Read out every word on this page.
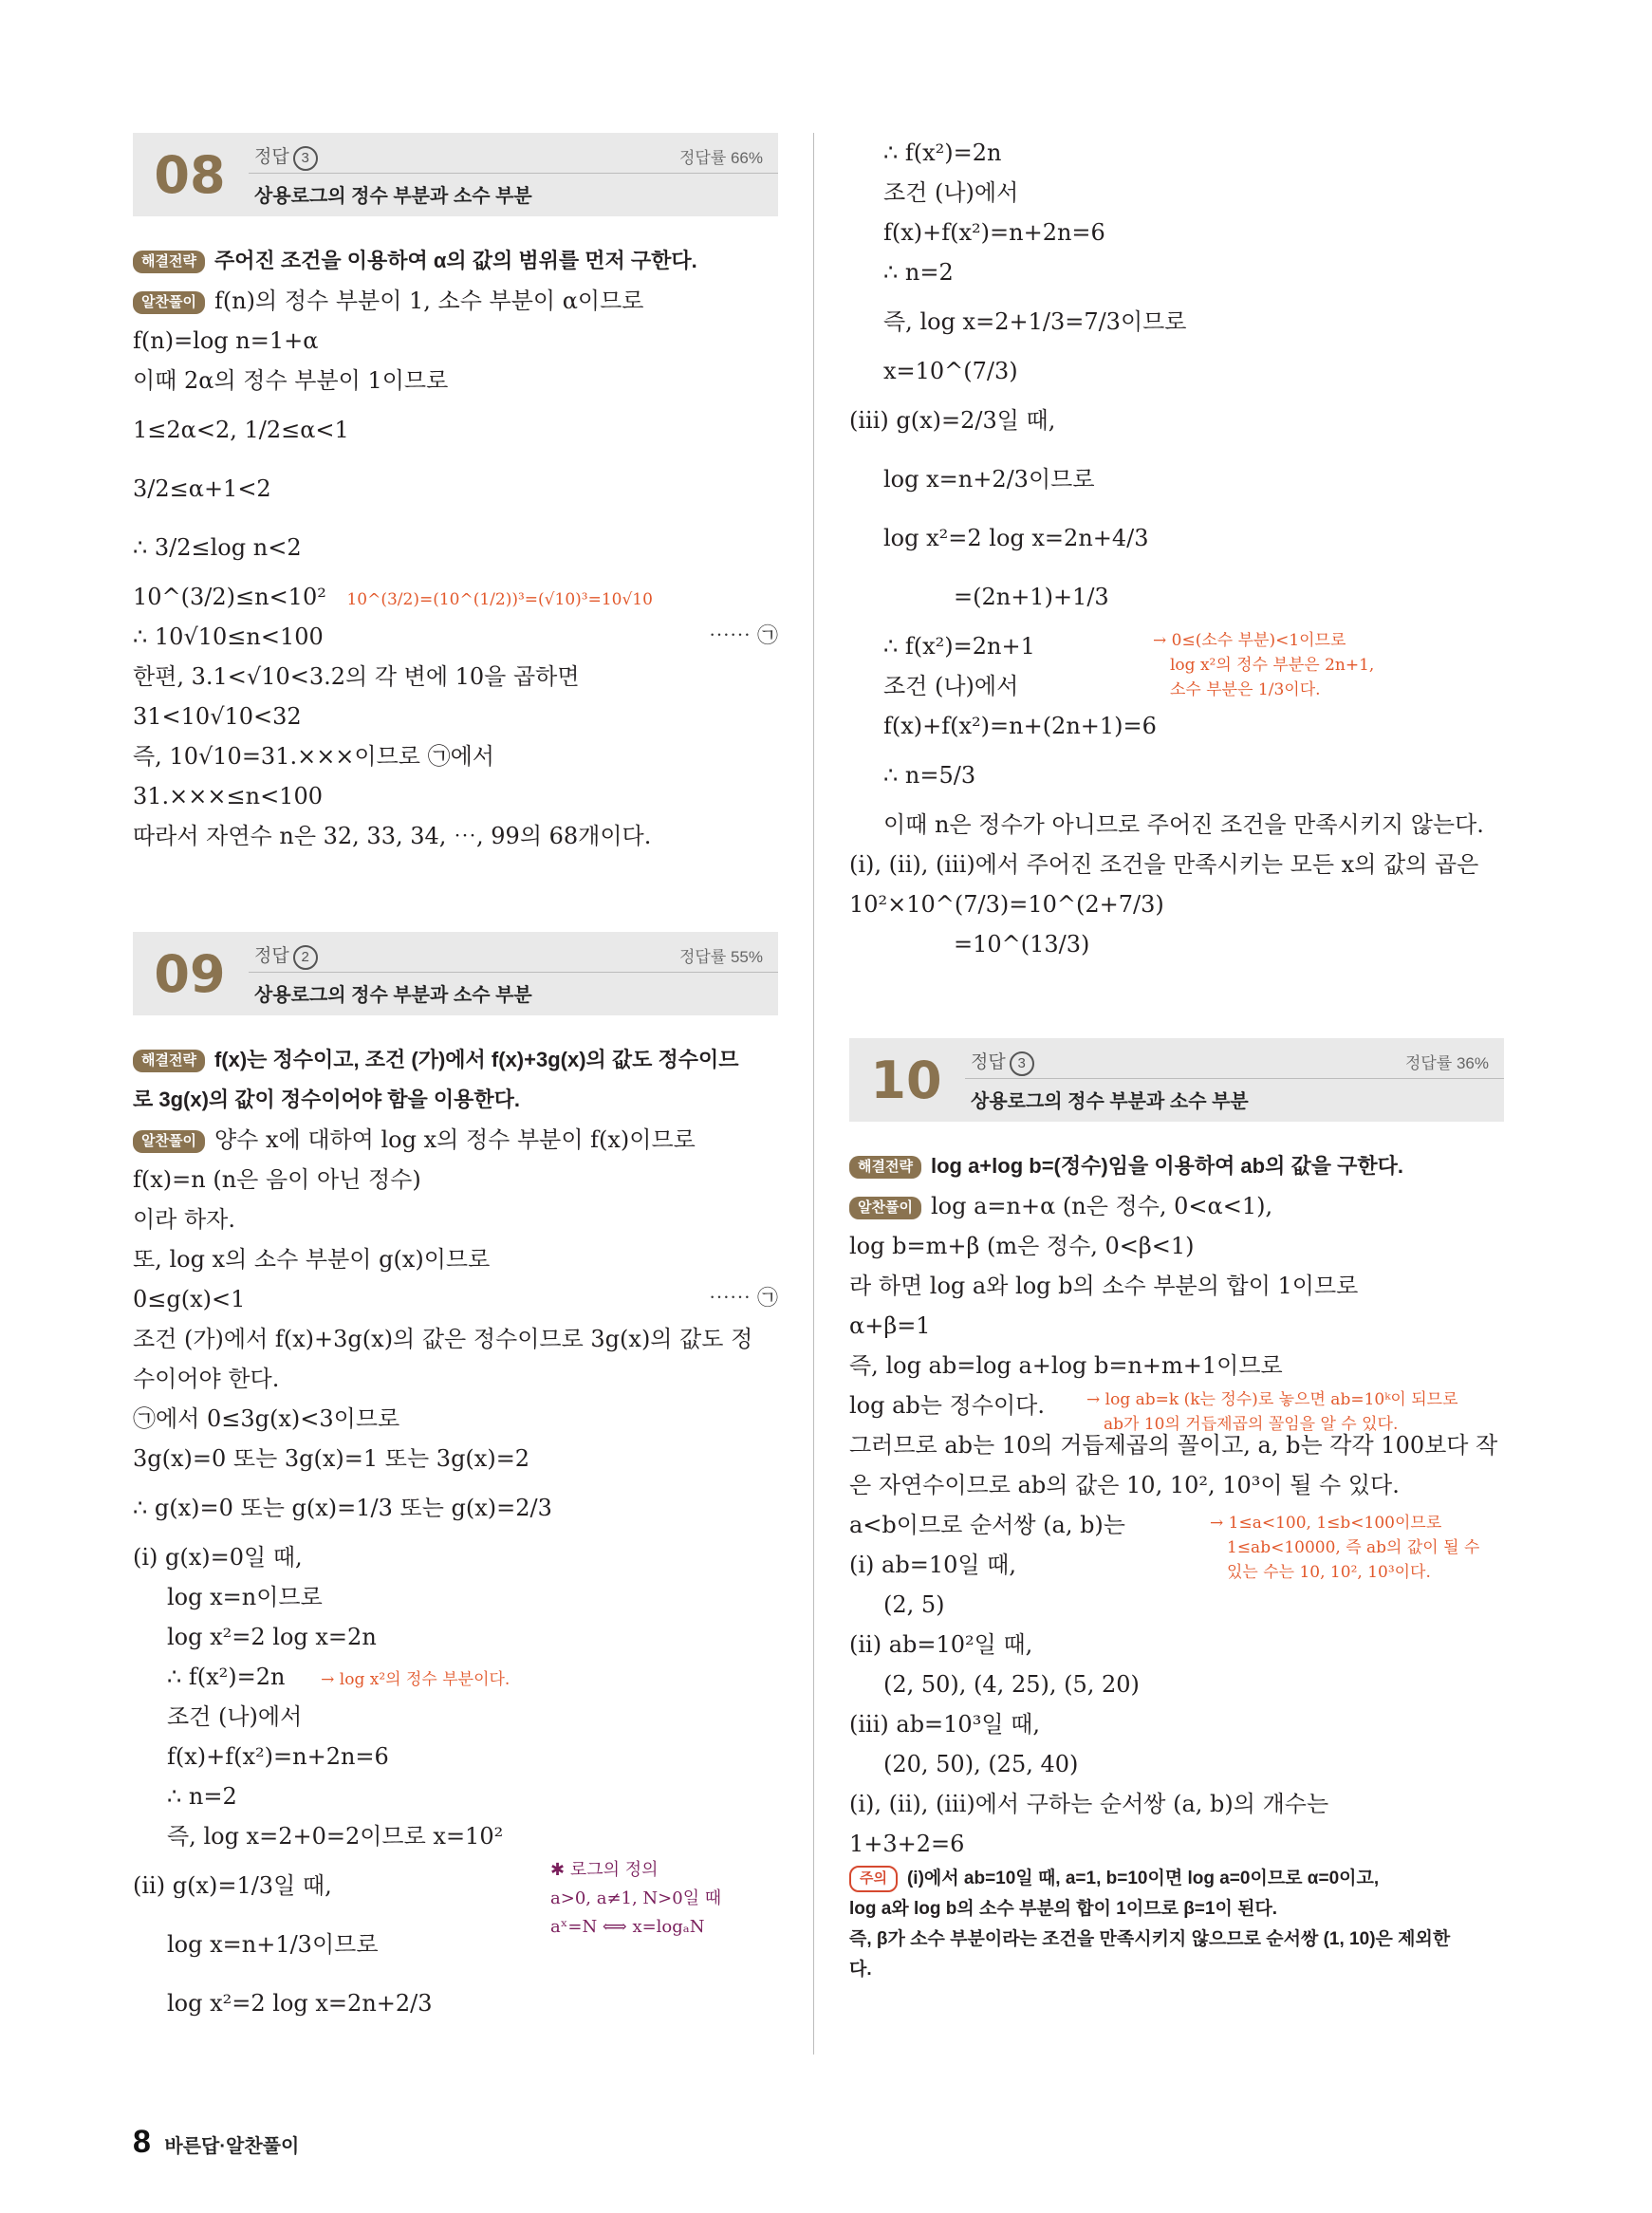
08	정답 3	정답률 66%
상용로그의 정수 부분과 소수 부분
해결전략 주어진 조건을 이용하여 α의 값의 범위를 먼저 구한다.
알찬풀이 f(n)의 정수 부분이 1, 소수 부분이 α이므로
f(n)=log n=1+α
이때 2α의 정수 부분이 1이므로
1≤2α<2, 1/2≤α<1
3/2≤α+1<2
∴ 3/2≤log n<2
10^(3/2)≤n<10² 10^(3/2)=(10^(1/2))³=(√10)³=10√10
∴ 10√10≤n<100	⋯⋯ ㉠
한편, 3.1<√10<3.2의 각 변에 10을 곱하면
31<10√10<32
즉, 10√10=31.×××이므로 ㉠에서
31.×××≤n<100
따라서 자연수 n은 32, 33, 34, ⋯, 99의 68개이다.
09	정답 2	정답률 55%
상용로그의 정수 부분과 소수 부분
해결전략 f(x)는 정수이고, 조건 (가)에서 f(x)+3g(x)의 값도 정수이므
로 3g(x)의 값이 정수이어야 함을 이용한다.
알찬풀이 양수 x에 대하여 log x의 정수 부분이 f(x)이므로
f(x)=n (n은 음이 아닌 정수)
이라 하자.
또, log x의 소수 부분이 g(x)이므로
0≤g(x)<1	⋯⋯ ㉠
조건 (가)에서 f(x)+3g(x)의 값은 정수이므로 3g(x)의 값도 정
수이어야 한다.
㉠에서 0≤3g(x)<3이므로
3g(x)=0 또는 3g(x)=1 또는 3g(x)=2
∴ g(x)=0 또는 g(x)=1/3 또는 g(x)=2/3
(i) g(x)=0일 때,
log x=n이므로
log x²=2 log x=2n
∴ f(x²)=2n → log x²의 정수 부분이다.
조건 (나)에서
f(x)+f(x²)=n+2n=6
∴ n=2
즉, log x=2+0=2이므로 x=10²
(ii) g(x)=1/3일 때,
log x=n+1/3이므로
log x²=2 log x=2n+2/3
✱ 로그의 정의
a>0, a≠1, N>0일 때
aˣ=N ⟺ x=logₐN
∴ f(x²)=2n
조건 (나)에서
f(x)+f(x²)=n+2n=6
∴ n=2
즉, log x=2+1/3=7/3이므로
x=10^(7/3)
(iii) g(x)=2/3일 때,
log x=n+2/3이므로
log x²=2 log x=2n+4/3
=(2n+1)+1/3
∴ f(x²)=2n+1
조건 (나)에서
f(x)+f(x²)=n+(2n+1)=6
→ 0≤(소수 부분)<1이므로
log x²의 정수 부분은 2n+1,
소수 부분은 1/3이다.
∴ n=5/3
이때 n은 정수가 아니므로 주어진 조건을 만족시키지 않는다.
(i), (ii), (iii)에서 주어진 조건을 만족시키는 모든 x의 값의 곱은
10²×10^(7/3)=10^(2+7/3)
=10^(13/3)
10	정답 3	정답률 36%
상용로그의 정수 부분과 소수 부분
해결전략 log a+log b=(정수)임을 이용하여 ab의 값을 구한다.
알찬풀이 log a=n+α (n은 정수, 0<α<1),
log b=m+β (m은 정수, 0<β<1)
라 하면 log a와 log b의 소수 부분의 합이 1이므로
α+β=1
즉, log ab=log a+log b=n+m+1이므로
log ab는 정수이다.	→ log ab=k (k는 정수)로 놓으면 ab=10ᵏ이 되므로
ab가 10의 거듭제곱의 꼴임을 알 수 있다.
그러므로 ab는 10의 거듭제곱의 꼴이고, a, b는 각각 100보다 작
은 자연수이므로 ab의 값은 10, 10², 10³이 될 수 있다.
a<b이므로 순서쌍 (a, b)는
(i) ab=10일 때,
(2, 5)
→ 1≤a<100, 1≤b<100이므로
1≤ab<10000, 즉 ab의 값이 될 수
있는 수는 10, 10², 10³이다.
(ii) ab=10²일 때,
(2, 50), (4, 25), (5, 20)
(iii) ab=10³일 때,
(20, 50), (25, 40)
(i), (ii), (iii)에서 구하는 순서쌍 (a, b)의 개수는
1+3+2=6
주의 (i)에서 ab=10일 때, a=1, b=10이면 log a=0이므로 α=0이고,
log a와 log b의 소수 부분의 합이 1이므로 β=1이 된다.
즉, β가 소수 부분이라는 조건을 만족시키지 않으므로 순서쌍 (1, 10)은 제외한
다.
8 바른답·알찬풀이
